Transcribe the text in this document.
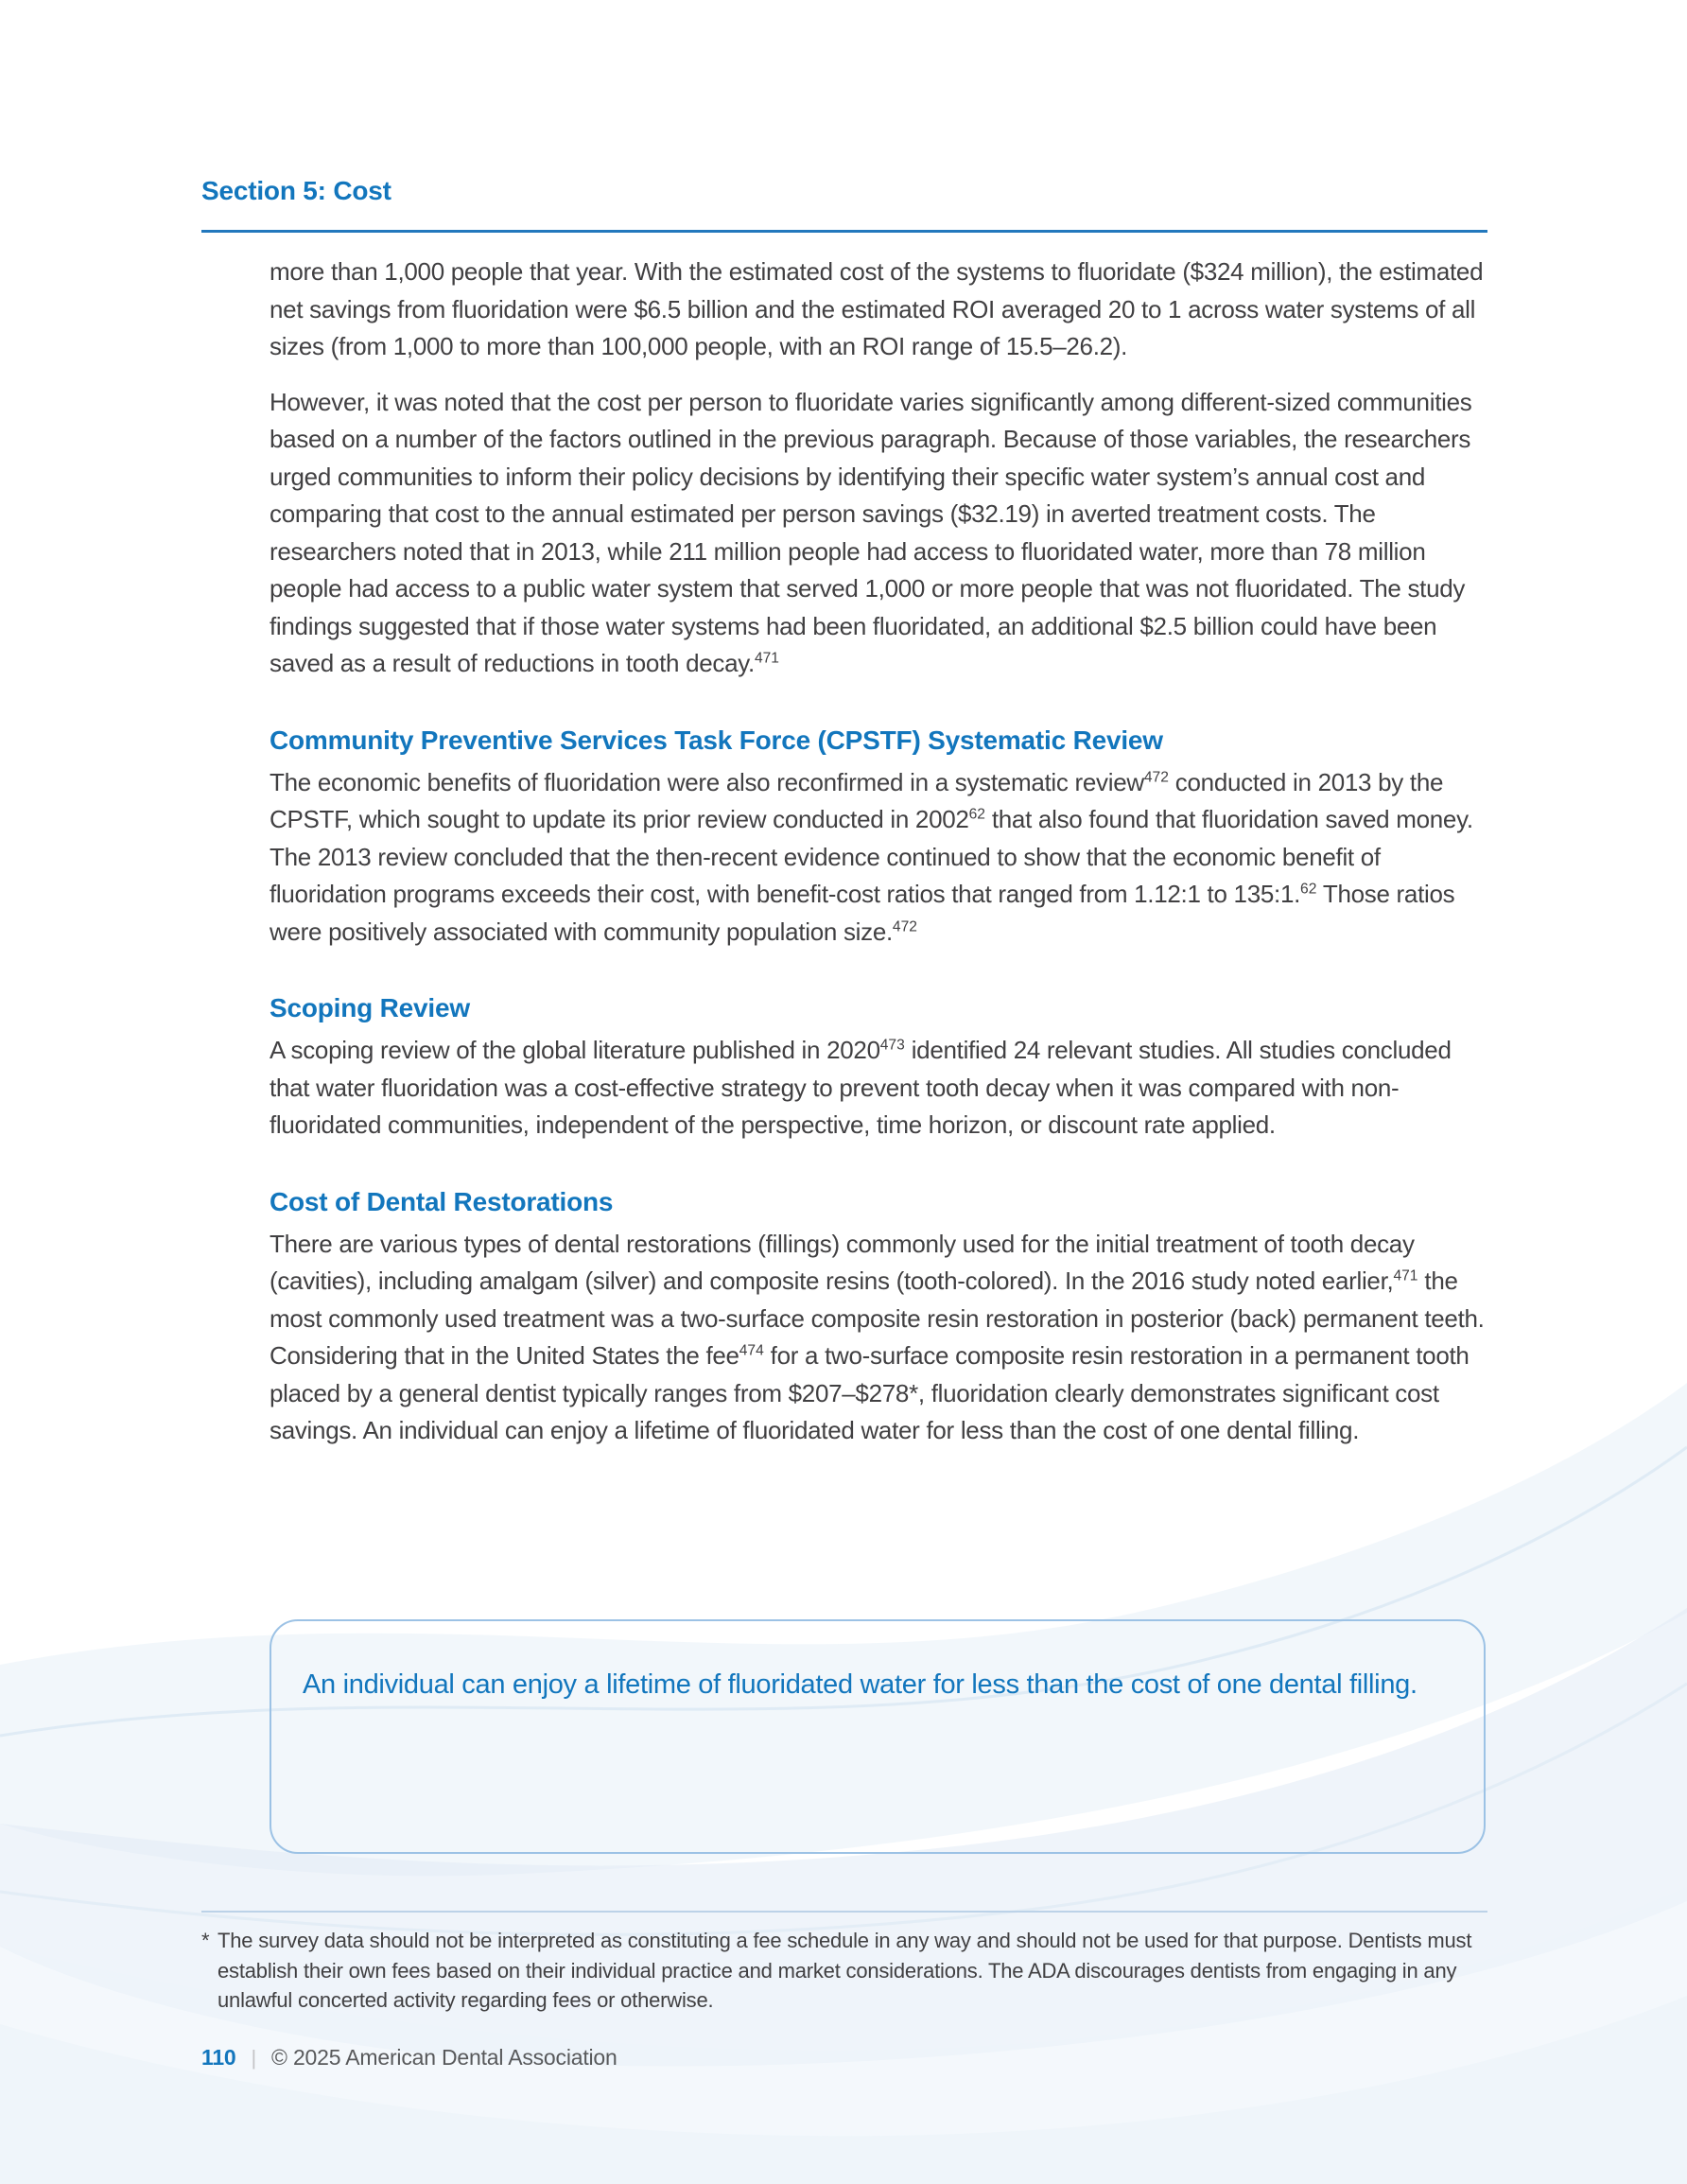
Section 5: Cost

more than 1,000 people that year. With the estimated cost of the systems to fluoridate ($324 million), the estimated net savings from fluoridation were $6.5 billion and the estimated ROI averaged 20 to 1 across water systems of all sizes (from 1,000 to more than 100,000 people, with an ROI range of 15.5–26.2).

However, it was noted that the cost per person to fluoridate varies significantly among different-sized communities based on a number of the factors outlined in the previous paragraph. Because of those variables, the researchers urged communities to inform their policy decisions by identifying their specific water system’s annual cost and comparing that cost to the annual estimated per person savings ($32.19) in averted treatment costs. The researchers noted that in 2013, while 211 million people had access to fluoridated water, more than 78 million people had access to a public water system that served 1,000 or more people that was not fluoridated. The study findings suggested that if those water systems had been fluoridated, an additional $2.5 billion could have been saved as a result of reductions in tooth decay.$^{471}$

Community Preventive Services Task Force (CPSTF) Systematic Review

The economic benefits of fluoridation were also reconfirmed in a systematic review$^{472}$ conducted in 2013 by the CPSTF, which sought to update its prior review conducted in 2002$^{62}$ that also found that fluoridation saved money. The 2013 review concluded that the then-recent evidence continued to show that the economic benefit of fluoridation programs exceeds their cost, with benefit-cost ratios that ranged from 1.12:1 to 135:1.62 Those ratios were positively associated with community population size.$^{472}$

Scoping Review

A scoping review of the global literature published in 2020$^{473}$ identified 24 relevant studies. All studies concluded that water fluoridation was a cost-effective strategy to prevent tooth decay when it was compared with non-fluoridated communities, independent of the perspective, time horizon, or discount rate applied.

Cost of Dental Restorations

There are various types of dental restorations (fillings) commonly used for the initial treatment of tooth decay (cavities), including amalgam (silver) and composite resins (tooth-colored). In the 2016 study noted earlier,$^{471}$ the most commonly used treatment was a two-surface composite resin restoration in posterior (back) permanent teeth. Considering that in the United States the fee$^{474}$ for a two-surface composite resin restoration in a permanent tooth placed by a general dentist typically ranges from $207–$278*, fluoridation clearly demonstrates significant cost savings. An individual can enjoy a lifetime of fluoridated water for less than the cost of one dental filling.

An individual can enjoy a lifetime of fluoridated water for less than the cost of one dental filling.
* The survey data should not be interpreted as constituting a fee schedule in any way and should not be used for that purpose. Dentists must establish their own fees based on their individual practice and market considerations. The ADA discourages dentists from engaging in any unlawful concerted activity regarding fees or otherwise.
110 | © 2025 American Dental Association
